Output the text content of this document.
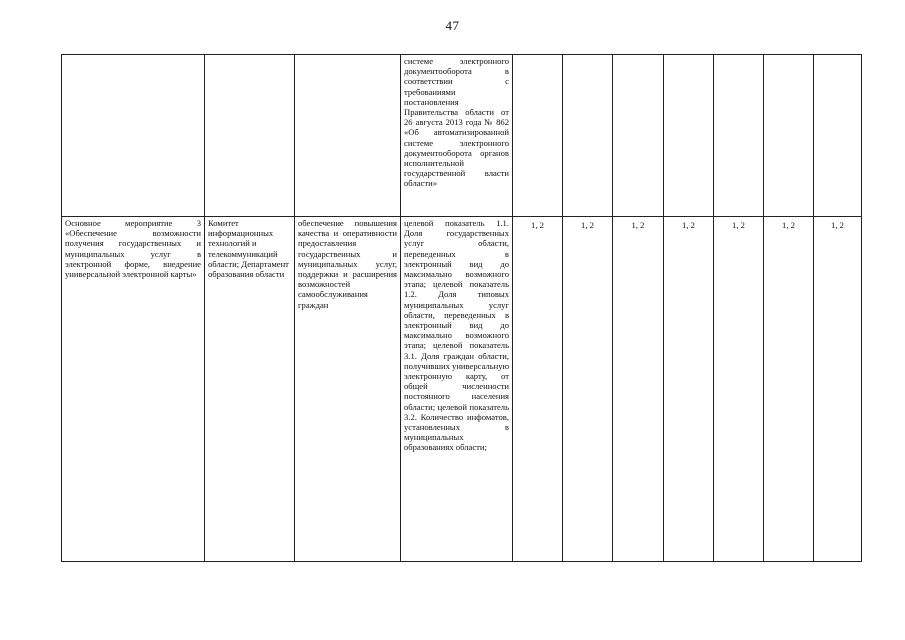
47

			системе электронного документооборота в соответствии с требованиями постановления Правительства области от 26 августа 2013 года № 862 «Об автоматизированной системе электронного документооборота органов исполнительной государственной власти области»							

Основное мероприятие 3 «Обеспечение возможности получения государственных и муниципальных услуг в электронной форме, внедрение универсальной электронной карты»	Комитет информационных технологий и телекоммуникаций области; Департамент образования области	обеспечение повышения качества и оперативности предоставления государственных и муниципальных услуг, поддержки и расширения возможностей самообслуживания граждан	целевой показатель 1.1. Доля государственных услуг области, переведенных в электронный вид до максимально возможного этапа; целевой показатель 1.2. Доля типовых муниципальных услуг области, переведенных в электронный вид до максимально возможного этапа; целевой показатель 3.1. Доля граждан области, получивших универсальную электронную карту, от общей численности постоянного населения области; целевой показатель 3.2. Количество инфоматов, установленных в муниципальных образованиях области;	1, 2	1, 2	1, 2	1, 2	1, 2	1, 2	1, 2
